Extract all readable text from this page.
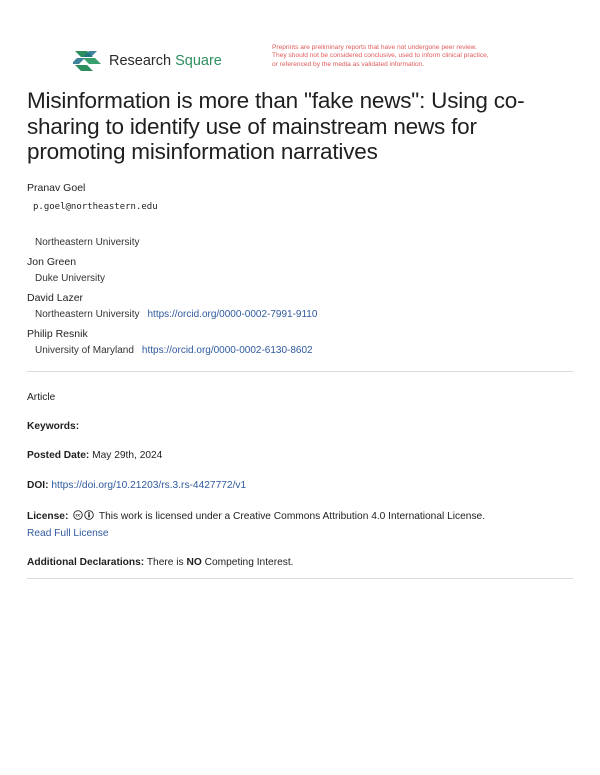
Research Square
Preprints are preliminary reports that have not undergone peer review.
They should not be considered conclusive, used to inform clinical practice,
or referenced by the media as validated information.
Misinformation is more than "fake news": Using co-sharing to identify use of mainstream news for promoting misinformation narratives
Pranav Goel
p.goel@northeastern.edu
Northeastern University
Jon Green
Duke University
David Lazer
Northeastern University https://orcid.org/0000-0002-7991-9110
Philip Resnik
University of Maryland https://orcid.org/0000-0002-6130-8602
Article
Keywords:
Posted Date: May 29th, 2024
DOI: https://doi.org/10.21203/rs.3.rs-4427772/v1
License: cc This work is licensed under a Creative Commons Attribution 4.0 International License.
Read Full License
Additional Declarations: There is NO Competing Interest.
